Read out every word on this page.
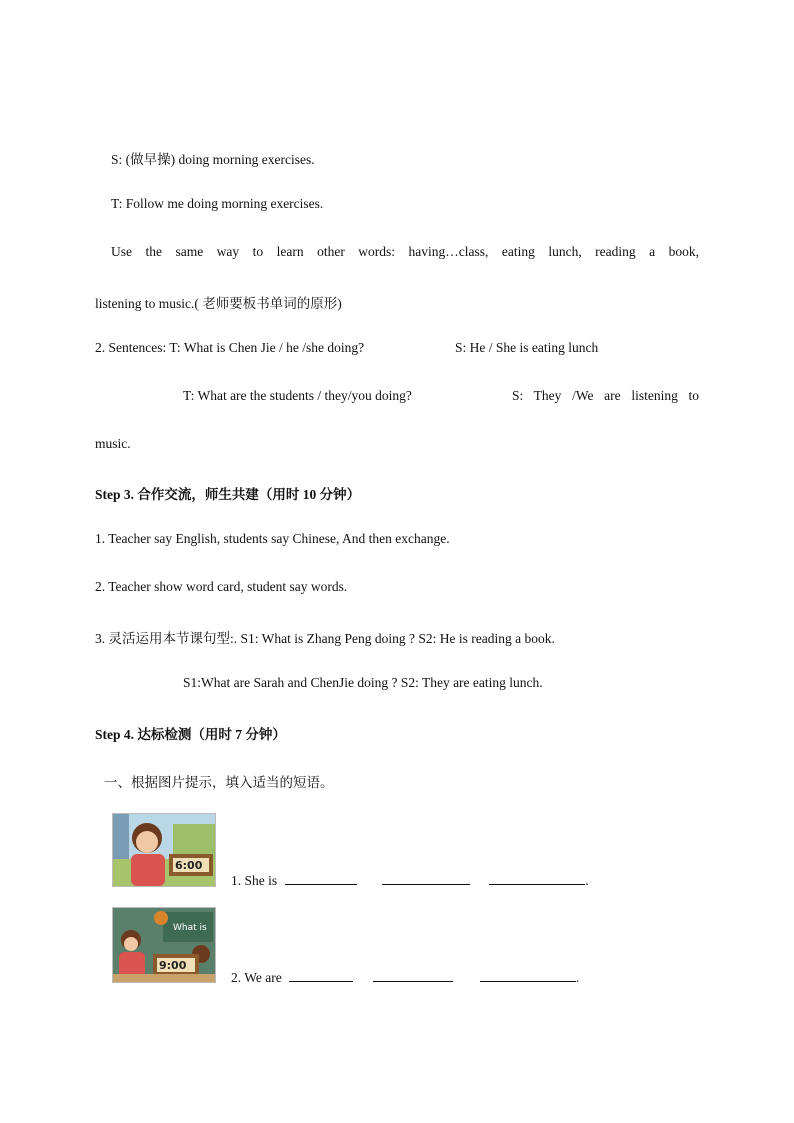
S: (做早操) doing morning exercises.
T: Follow me doing morning exercises.
Use the same way to learn other words: having…class, eating lunch, reading a book,
listening to music.( 老师要板书单词的原形)
2. Sentences: T: What is Chen Jie / he /she doing?	S: He / She is eating lunch
T: What are the students / they/you doing?	S: They /We are listening to
music.
Step 3. 合作交流，师生共建（用时 10 分钟）
1. Teacher say English, students say Chinese, And then exchange.
2. Teacher show word card, student say words.
3. 灵活运用本节课句型:. S1: What is Zhang Peng doing ? S2: He is reading a book.
S1:What are Sarah and ChenJie doing ? S2: They are eating lunch.
Step 4. 达标检测（用时 7 分钟）
一、根据图片提示，填入适当的短语。
6:00
1. She is	.
What is
9:00
2. We are	.
